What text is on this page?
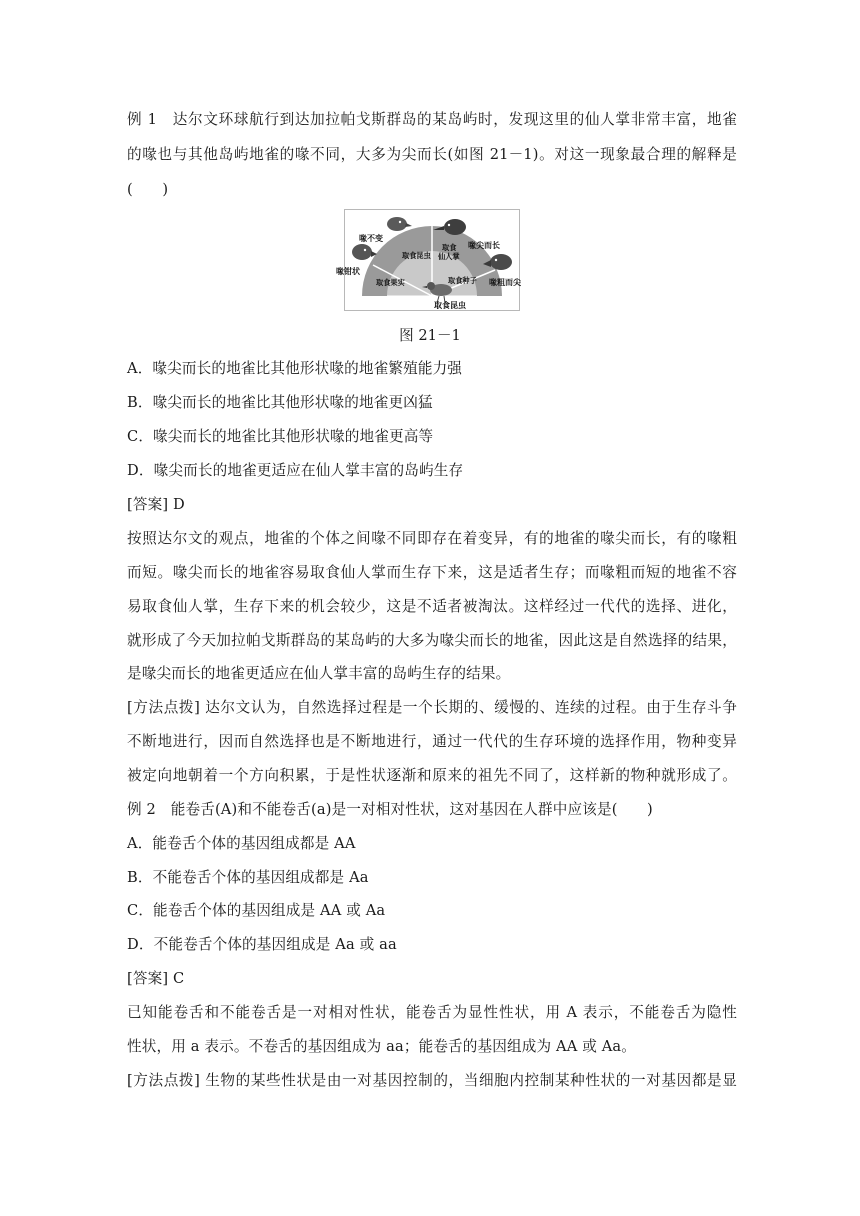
例 1　达尔文环球航行到达加拉帕戈斯群岛的某岛屿时，发现这里的仙人掌非常丰富，地雀
的喙也与其他岛屿地雀的喙不同，大多为尖而长(如图 21－1)。对这一现象最合理的解释是
(　　)
喙不变
喙尖而长
喙钳状
喙粗而尖
取食昆虫
取食
仙人掌
取食果实	取食种子
取食昆虫
图 21－1
A．喙尖而长的地雀比其他形状喙的地雀繁殖能力强
B．喙尖而长的地雀比其他形状喙的地雀更凶猛
C．喙尖而长的地雀比其他形状喙的地雀更高等
D．喙尖而长的地雀更适应在仙人掌丰富的岛屿生存
[答案] D
按照达尔文的观点，地雀的个体之间喙不同即存在着变异，有的地雀的喙尖而长，有的喙粗
而短。喙尖而长的地雀容易取食仙人掌而生存下来，这是适者生存；而喙粗而短的地雀不容
易取食仙人掌，生存下来的机会较少，这是不适者被淘汰。这样经过一代代的选择、进化，
就形成了今天加拉帕戈斯群岛的某岛屿的大多为喙尖而长的地雀，因此这是自然选择的结果，
是喙尖而长的地雀更适应在仙人掌丰富的岛屿生存的结果。
[方法点拨] 达尔文认为，自然选择过程是一个长期的、缓慢的、连续的过程。由于生存斗争
不断地进行，因而自然选择也是不断地进行，通过一代代的生存环境的选择作用，物种变异
被定向地朝着一个方向积累，于是性状逐渐和原来的祖先不同了，这样新的物种就形成了。
例 2　能卷舌(A)和不能卷舌(a)是一对相对性状，这对基因在人群中应该是(　　)
A．能卷舌个体的基因组成都是 AA
B．不能卷舌个体的基因组成都是 Aa
C．能卷舌个体的基因组成是 AA 或 Aa
D．不能卷舌个体的基因组成是 Aa 或 aa
[答案] C
已知能卷舌和不能卷舌是一对相对性状，能卷舌为显性性状，用 A 表示，不能卷舌为隐性
性状，用 a 表示。不卷舌的基因组成为 aa；能卷舌的基因组成为 AA 或 Aa。
[方法点拨] 生物的某些性状是由一对基因控制的，当细胞内控制某种性状的一对基因都是显
